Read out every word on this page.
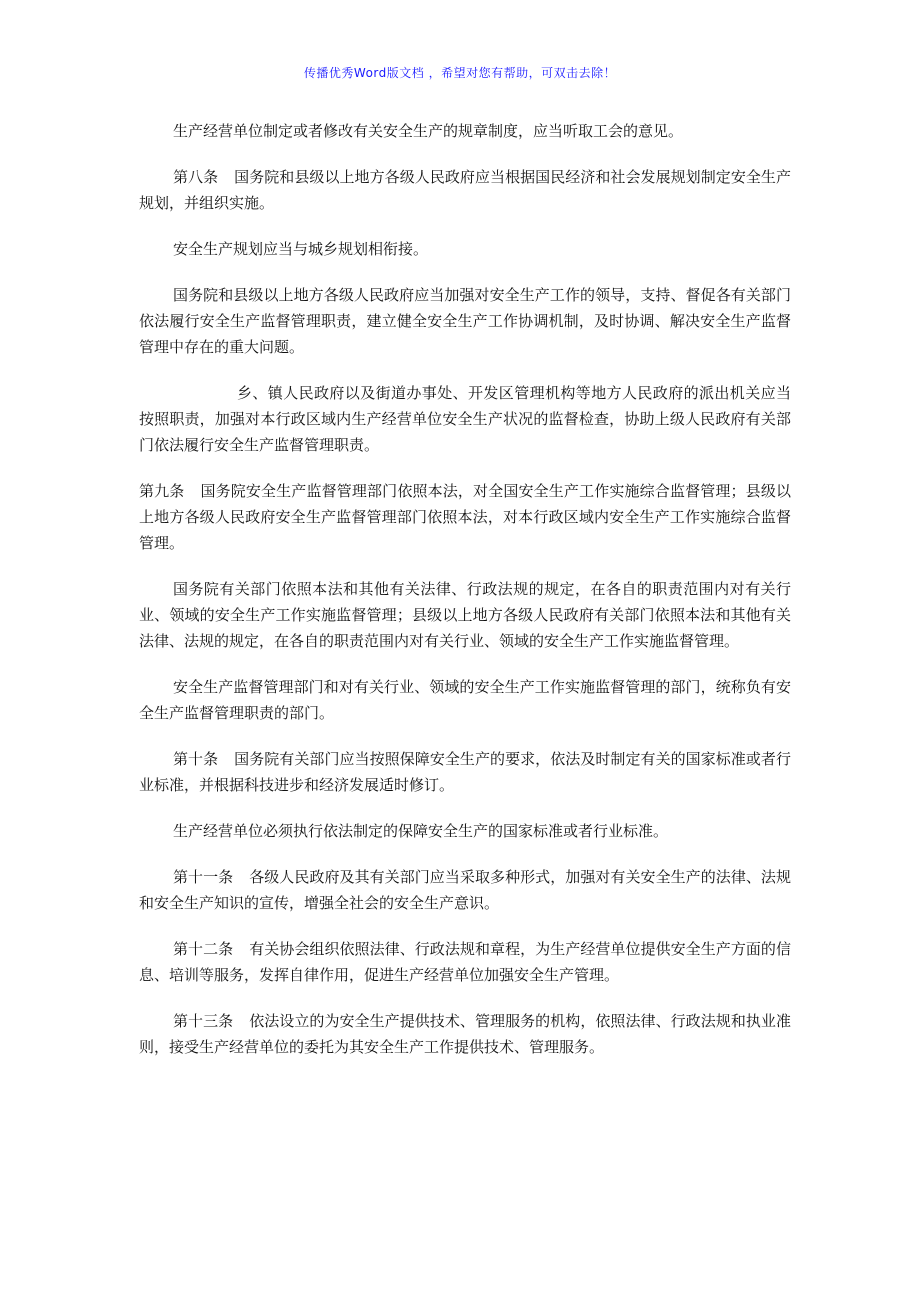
传播优秀Word版文档 ，希望对您有帮助，可双击去除！

生产经营单位制定或者修改有关安全生产的规章制度，应当听取工会的意见。

第八条 国务院和县级以上地方各级人民政府应当根据国民经济和社会发展规划制定安全生产规划，并组织实施。

安全生产规划应当与城乡规划相衔接。

国务院和县级以上地方各级人民政府应当加强对安全生产工作的领导，支持、督促各有关部门依法履行安全生产监督管理职责，建立健全安全生产工作协调机制，及时协调、解决安全生产监督管理中存在的重大问题。

乡、镇人民政府以及街道办事处、开发区管理机构等地方人民政府的派出机关应当按照职责，加强对本行政区域内生产经营单位安全生产状况的监督检查，协助上级人民政府有关部门依法履行安全生产监督管理职责。

第九条 国务院安全生产监督管理部门依照本法，对全国安全生产工作实施综合监督管理；县级以上地方各级人民政府安全生产监督管理部门依照本法，对本行政区域内安全生产工作实施综合监督管理。

国务院有关部门依照本法和其他有关法律、行政法规的规定，在各自的职责范围内对有关行业、领域的安全生产工作实施监督管理；县级以上地方各级人民政府有关部门依照本法和其他有关法律、法规的规定，在各自的职责范围内对有关行业、领域的安全生产工作实施监督管理。

安全生产监督管理部门和对有关行业、领域的安全生产工作实施监督管理的部门，统称负有安全生产监督管理职责的部门。

第十条 国务院有关部门应当按照保障安全生产的要求，依法及时制定有关的国家标准或者行业标准，并根据科技进步和经济发展适时修订。

生产经营单位必须执行依法制定的保障安全生产的国家标准或者行业标准。

第十一条 各级人民政府及其有关部门应当采取多种形式，加强对有关安全生产的法律、法规和安全生产知识的宣传，增强全社会的安全生产意识。

第十二条 有关协会组织依照法律、行政法规和章程，为生产经营单位提供安全生产方面的信息、培训等服务，发挥自律作用，促进生产经营单位加强安全生产管理。

第十三条 依法设立的为安全生产提供技术、管理服务的机构，依照法律、行政法规和执业准则，接受生产经营单位的委托为其安全生产工作提供技术、管理服务。
